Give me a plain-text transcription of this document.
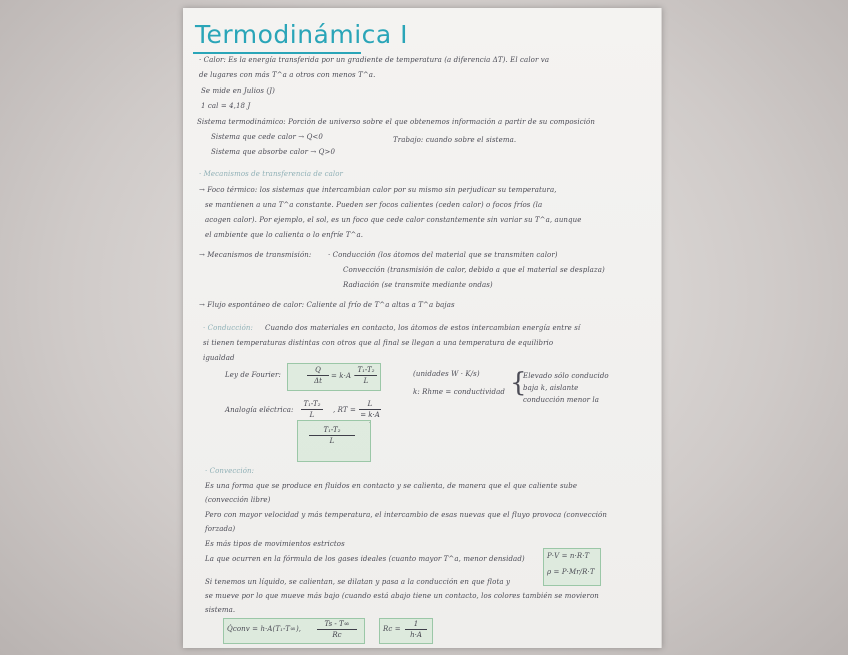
Termodinámica I
· Calor: Es la energía transferida por un gradiente de temperatura (a diferencia ΔT). El calor va
de lugares con más T^a a otros con menos T^a.
Se mide en Julios (J)
1 cal = 4,18 J
Sistema termodinámico: Porción de universo sobre el que obtenemos información a partir de su composición
Sistema que cede calor → Q<0	Trabajo: cuando sobre el sistema.
Sistema que absorbe calor → Q>0
· Mecanismos de transferencia de calor
→ Foco térmico: los sistemas que intercambian calor por su mismo sin perjudicar su temperatura,
se mantienen a una T^a constante. Pueden ser focos calientes (ceden calor) o focos fríos (la
acogen calor). Por ejemplo, el sol, es un foco que cede calor constantemente sin variar su T^a, aunque
el ambiente que lo calienta o lo enfríe T^a.
→ Mecanismos de transmisión: · Conducción (los átomos del material que se transmiten calor)
Convección (transmisión de calor, debido a que el material se desplaza)
Radiación (se transmite mediante ondas)
→ Flujo espontáneo de calor: Caliente al frío de T^a altas a T^a bajas
· Conducción: Cuando dos materiales en contacto, los átomos de estos intercambian energía entre sí
si tienen temperaturas distintas con otros que al final se llegan a una temperatura de equilibrio
igualdad
Ley de Fourier:
Q
Δt
= k·A ·
T₁-T₂
L
(unidades W · K/s)
k: Rhme = conductividad {
Elevado sólo conducido
baja k, aislante
conducción menor la
Analogía eléctrica:
T₁-T₂
L
, RT =
L
= k·A ·
T₁-T₂
L
· Convección:
Es una forma que se produce en fluidos en contacto y se calienta, de manera que el que caliente sube
(convección libre)
Pero con mayor velocidad y más temperatura, el intercambio de esas nuevas que el fluyo provoca (convección
forzada)
Es más tipos de movimientos estrictos
La que ocurren en la fórmula de los gases ideales (cuanto mayor T^a, menor densidad)	P·V = n·R·T
ρ = P·Mr/R·T
Si tenemos un líquido, se calientan, se dilatan y pasa a la conducción en que flota y
se mueve por lo que mueve más bajo (cuando está abajo tiene un contacto, los colores también se movieron
sistema.
Q̇conv = h·A(T₁-T∞),
Ts - T∞
Rc
Rc =
1
h·A
